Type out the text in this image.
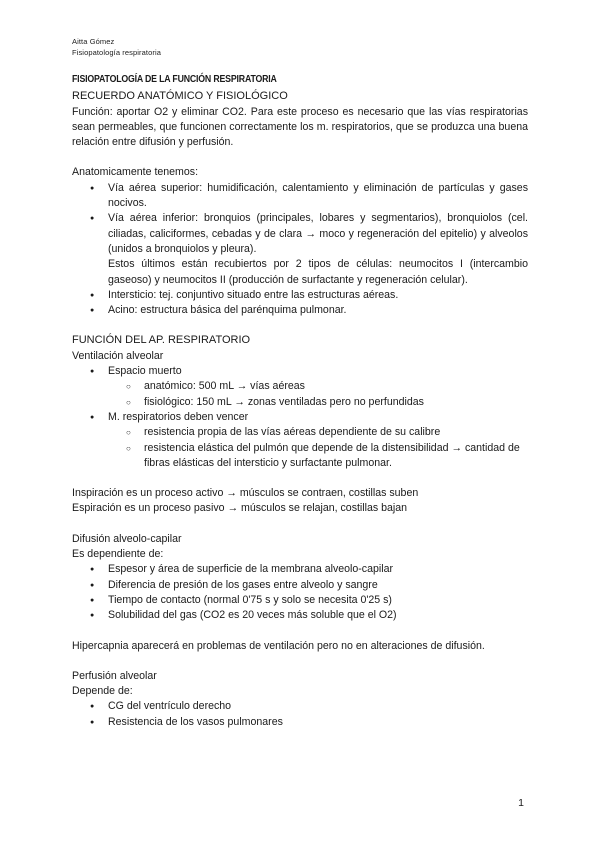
Aitta Gómez
Fisiopatología respiratoria
FISIOPATOLOGÍA DE LA FUNCIÓN RESPIRATORIA

RECUERDO ANATÓMICO Y FISIOLÓGICO

Función: aportar O2 y eliminar CO2. Para este proceso es necesario que las vías respiratorias sean permeables, que funcionen correctamente los m. respiratorios, que se produzca una buena relación entre difusión y perfusión.

Anatomicamente tenemos:

● Vía aérea superior: humidificación, calentamiento y eliminación de partículas y gases nocivos.
● Vía aérea inferior: bronquios (principales, lobares y segmentarios), bronquiolos (cel. ciliadas, caliciformes, cebadas y de clara → moco y regeneración del epitelio) y alveolos (unidos a bronquiolos y pleura).
Estos últimos están recubiertos por 2 tipos de células: neumocitos I (intercambio gaseoso) y neumocitos II (producción de surfactante y regeneración celular).
● Intersticio: tej. conjuntivo situado entre las estructuras aéreas.
● Acino: estructura básica del parénquima pulmonar.

FUNCIÓN DEL AP. RESPIRATORIO

Ventilación alveolar

● Espacio muerto
○ anatómico: 500 mL → vías aéreas
○ fisiológico: 150 mL → zonas ventiladas pero no perfundidas
● M. respiratorios deben vencer
○ resistencia propia de las vías aéreas dependiente de su calibre
○ resistencia elástica del pulmón que depende de la distensibilidad → cantidad de fibras elásticas del intersticio y surfactante pulmonar.

Inspiración es un proceso activo → músculos se contraen, costillas suben

Espiración es un proceso pasivo → músculos se relajan, costillas bajan

Difusión alveolo-capilar

Es dependiente de:

● Espesor y área de superficie de la membrana alveolo-capilar
● Diferencia de presión de los gases entre alveolo y sangre
● Tiempo de contacto (normal 0'75 s y solo se necesita 0'25 s)
● Solubilidad del gas (CO2 es 20 veces más soluble que el O2)

Hipercapnia aparecerá en problemas de ventilación pero no en alteraciones de difusión.

Perfusión alveolar

Depende de:

● CG del ventrículo derecho
● Resistencia de los vasos pulmonares
1
